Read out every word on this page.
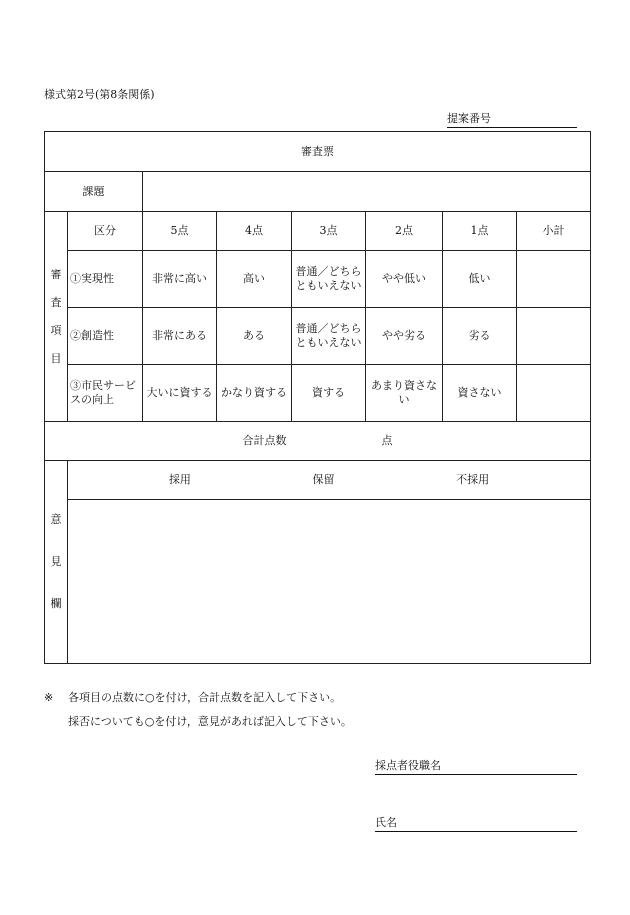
様式第2号(第8条関係)
提案番号
審査票							
課題							

審

査

項

目	区分	5点	4点	3点	2点	1点	小計
	①実現性	非常に高い	高い	普通／どちらともいえない	やや低い	低い	
	②創造性	非常にある	ある	普通／どちらともいえない	やや劣る	劣る	
	③市民サービスの向上	大いに資する	かなり資する	資する	あまり資さない	資さない	
合計点数 点							

意

見

欄	採用 保留 不採用						

※ 各項目の点数に○を付け，合計点数を記入して下さい。
採否についても○を付け，意見があれば記入して下さい。
採点者役職名
氏名
